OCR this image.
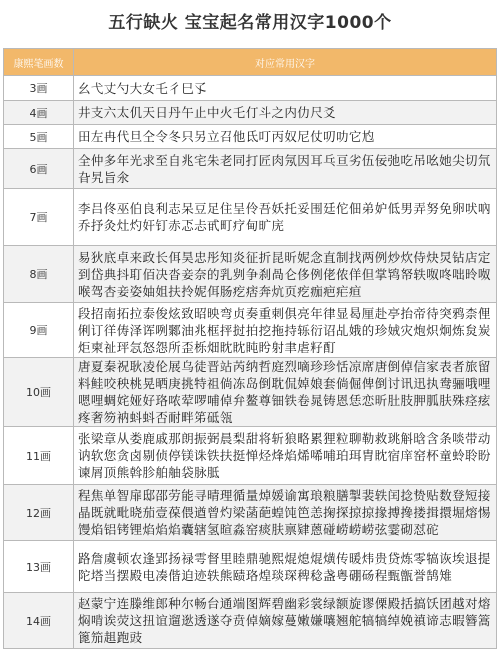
五行缺火 宝宝起名常用汉字1000个
康熙笔画数	对应常用汉字
3画	幺弋丈勺大女乇彳巳孓
4画	井支六太仉天日丹午止中火乇仃斗之内仂尺爻
5画	田左冉代旦仝令冬只另立召他氐叮丙奴尼仗叨叻它尥
6画	全仲多年光求至自兆宅朱老同打匠肉氖因耳乓亘劣伍佞弛吃吊吆她尖切氘旮旯旨氽
7画	李吕佟巫伯良利志呆豆足住呈伶吾妖托妥围廷佗佃弟妒低男弄努免卵吠吶乔抒灸灶灼奸钉赤忑忐甙町疗甸旷庑
8画	易狄底卓来政长佴昊忠彤知炎征折昆昕妮念直制找两例炒炊侍炔炅钻店定到岱典抖耵佰决沓妾奈的乳刿争刹咼仑侈例佬侬佯但掌鸨帑轶呶咚咄昤呶喉驾杏妾姿妯姐扶拎妮佴肠疙痞奔炕页疙痂疤疟疸
9画	段招南拓拉泰俊炫致昭映弯贞奏重刺俱亮年律显曷厘赴亭抬帝待突鸦柰俚俐订徉俦泽诨咧鄹油兆框抨挝拍挖拖持轹衍诏乩娥的珍娀灾炮炽炯炼炱炭炬柬祉玶忥怒怨所歪栎畑眈眈盹盻射聿虐籽酊
10画	唐夏秦祝耿凌伦展乌徒晋站芮纳哲庭烈嘀珍珍恬凉席唐倒倬信家表者旅留料鲑咬秧桃晃晒庚挑特祖倘冻岛倒耽侃婥娘套倘倔俾倒讨讯迅执鸯骊哦哩嗯哩蜩姹娅好珞哝荤啰哺倬弁鳌尊钿铁卷晁铸恩恁恋昕肚肢胛胍肤殊痉痃疼奢笏衲蚪蚪否耐畔笫砥瓴
11画	张梁章从娄鹿戚那朗振弼晨梨甜将斩狼略累狸粒聊勒救珧斛晗含条啖带动讷软您贪卤剔侦停镁诛铁扶挺惮烃烽焰烯唏哺珀珥胄眈宿庠窑杯童蛉聆盼谏屑顶熊斡胗舶舳袋脉胝
12画	程焦单智扉邸邵劳能寻晴理循量焯媛谕寓琅粮膳掣裴轶闰捻贽贴数登短接晶既就毗晓茄壹葆偎遒曾灼梁菡葩蝗饨笆恙掬探掠掠掾搏搀搂揖擐堀熔惕馒焰铝铐锂焰焰焰囊辖氢暄淼窑痰肤禀肄蒽碰崂崂崂弦霎砌怼砣
13画	路詹虞顿农逢郢扬禄雩督里睦鼎驰熙焜熄焜熿传暖炜贵贷炼零犒诙埃退提陀塔当摆殿电凑偕迫迹轶熊赜珞煌琰琛稗稔盏粤硼砀程甄甑誉鹄雉
14画	赵蒙宁连滕维郎种尔畅台通端图辉碧幽彩裳绿额旋谬傈殿括搞饫团越对熔焖啃诶荧这扭谊遛逖透遂夺贲倬嫡嫁蔓嫩嫌嚷翘舵犒犒绰娩禛谛志暇簪篙篦笳趄跑豉
